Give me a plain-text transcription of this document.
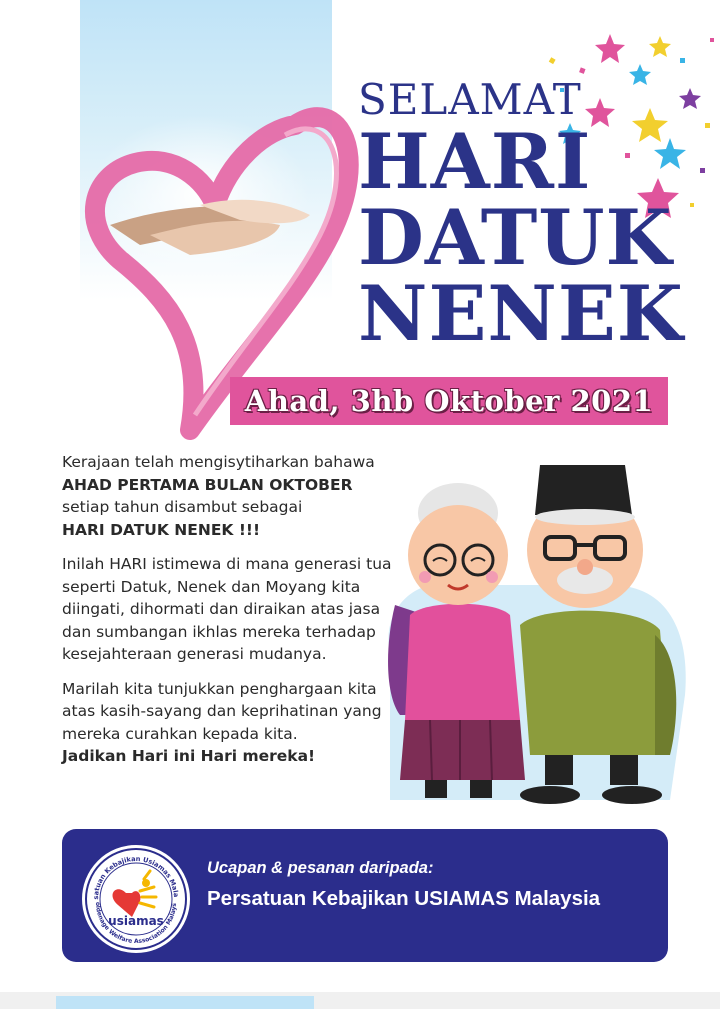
SELAMAT
HARI
DATUK
NENEK
Ahad, 3hb Oktober 2021

Kerajaan telah mengisytiharkan bahawa
AHAD PERTAMA BULAN OKTOBER
setiap tahun disambut sebagai
HARI DATUK NENEK !!!

Inilah HARI istimewa di mana generasi tua seperti Datuk, Nenek dan Moyang kita diingati, dihormati dan diraikan atas jasa dan sumbangan ikhlas mereka terhadap kesejahteraan generasi mudanya.

Marilah kita tunjukkan penghargaan kita atas kasih-sayang dan keprihatinan yang mereka curahkan kepada kita.
Jadikan Hari ini Hari mereka!

satuan Kebajikan Usiamas Mala
oldenage Welfare Association Malays
usiamas
Ucapan & pesanan daripada:
Persatuan Kebajikan USIAMAS Malaysia
